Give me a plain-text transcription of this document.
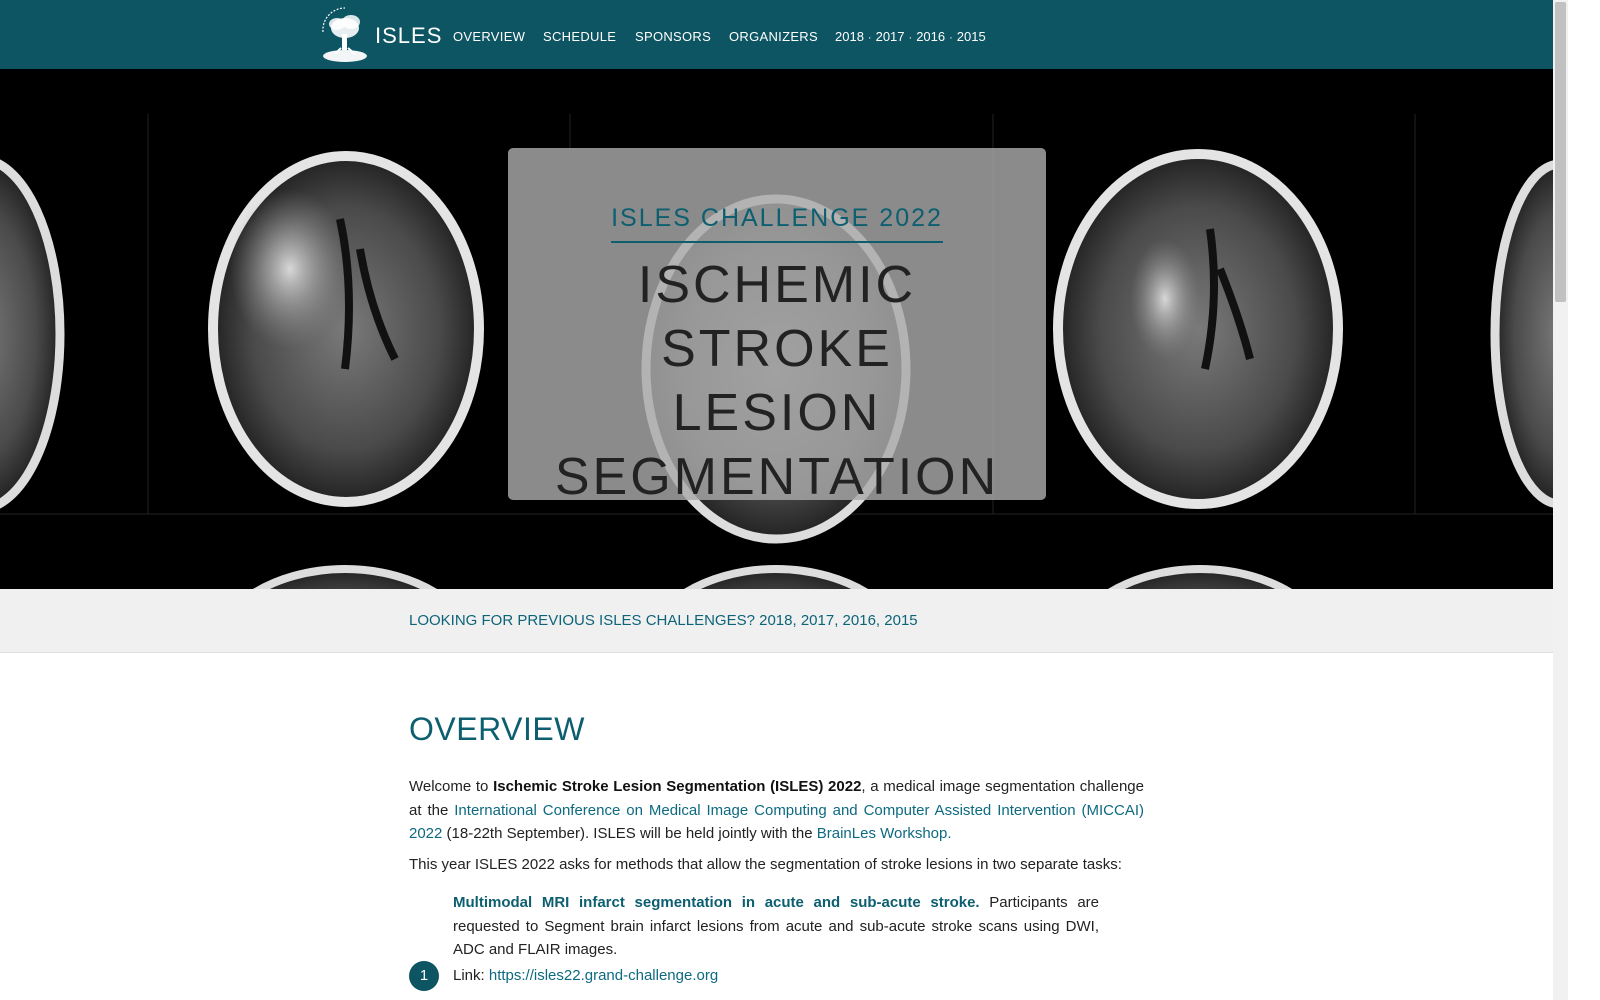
ISLES OVERVIEW SCHEDULE SPONSORS ORGANIZERS 2018 · 2017 · 2016 · 2015
ISLES CHALLENGE 2022
ISCHEMIC STROKE
LESION
SEGMENTATION
LOOKING FOR PREVIOUS ISLES CHALLENGES? 2018, 2017, 2016, 2015
OVERVIEW
Welcome to Ischemic Stroke Lesion Segmentation (ISLES) 2022, a medical image segmentation challenge at the International Conference on Medical Image Computing and Computer Assisted Intervention (MICCAI) 2022 (18-22th September). ISLES will be held jointly with the BrainLes Workshop.
This year ISLES 2022 asks for methods that allow the segmentation of stroke lesions in two separate tasks:
Multimodal MRI infarct segmentation in acute and sub-acute stroke. Participants are requested to Segment brain infarct lesions from acute and sub-acute stroke scans using DWI, ADC and FLAIR images.
1	Link: https://isles22.grand-challenge.org
